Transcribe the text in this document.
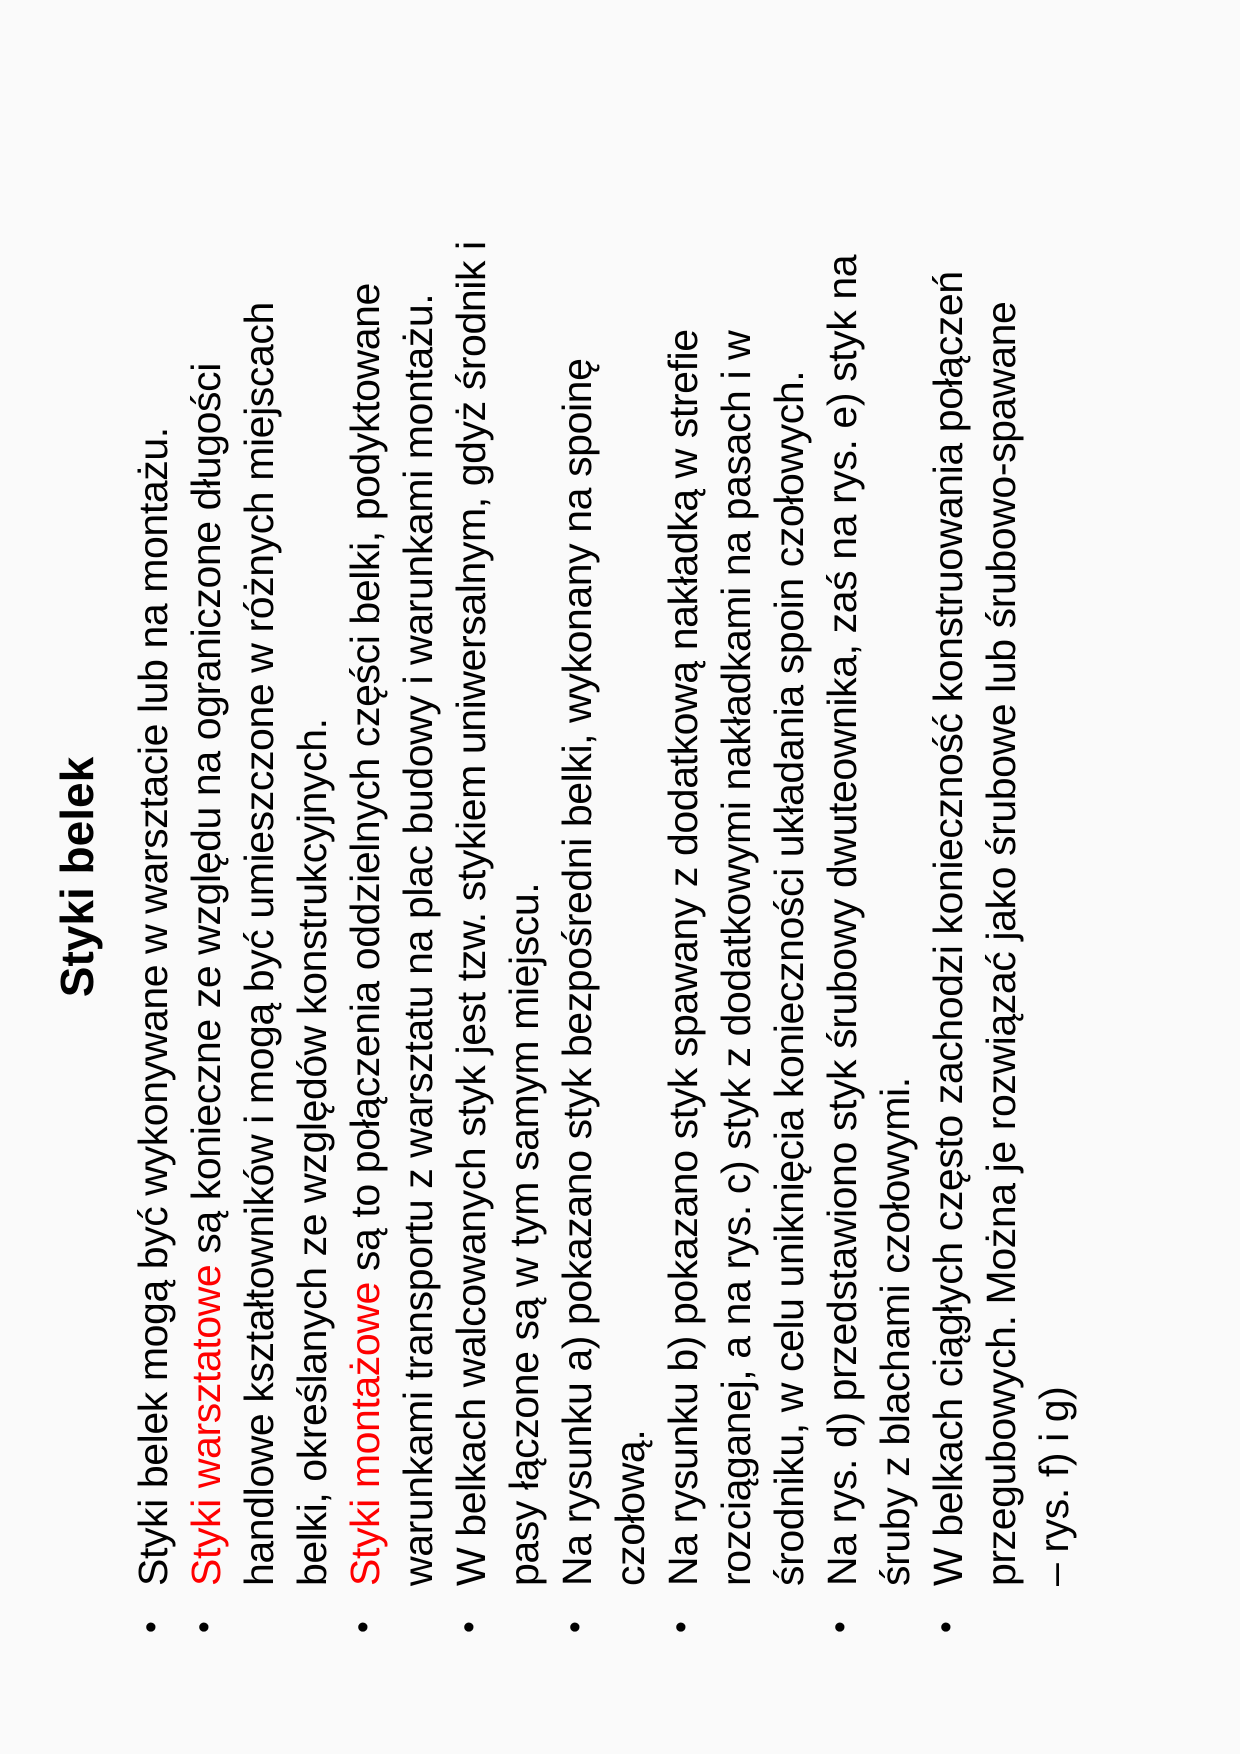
Styki belek
•
Styki belek mogą być wykonywane w warsztacie lub na montażu.
•
Styki warsztatowe są konieczne ze względu na ograniczone długości handlowe kształtowników i mogą być umieszczone w różnych miejscach belki, określanych ze względów konstrukcyjnych.
•
Styki montażowe są to połączenia oddzielnych części belki, podyktowane warunkami transportu z warsztatu na plac budowy i warunkami montażu.
•
W belkach walcowanych styk jest tzw. stykiem uniwersalnym, gdyż środnik i pasy łączone są w tym samym miejscu.
•
Na rysunku a) pokazano styk bezpośredni belki, wykonany na spoinę czołową.
•
Na rysunku b) pokazano styk spawany z dodatkową nakładką w strefie rozciąganej, a na rys. c) styk z dodatkowymi nakładkami na pasach i w środniku, w celu uniknięcia konieczności układania spoin czołowych.
•
Na rys. d) przedstawiono styk śrubowy dwuteownika, zaś na rys. e) styk na śruby z blachami czołowymi.
•
W belkach ciągłych często zachodzi konieczność konstruowania połączeń przegubowych. Można je rozwiązać jako śrubowe lub śrubowo-spawane – rys. f) i g)
